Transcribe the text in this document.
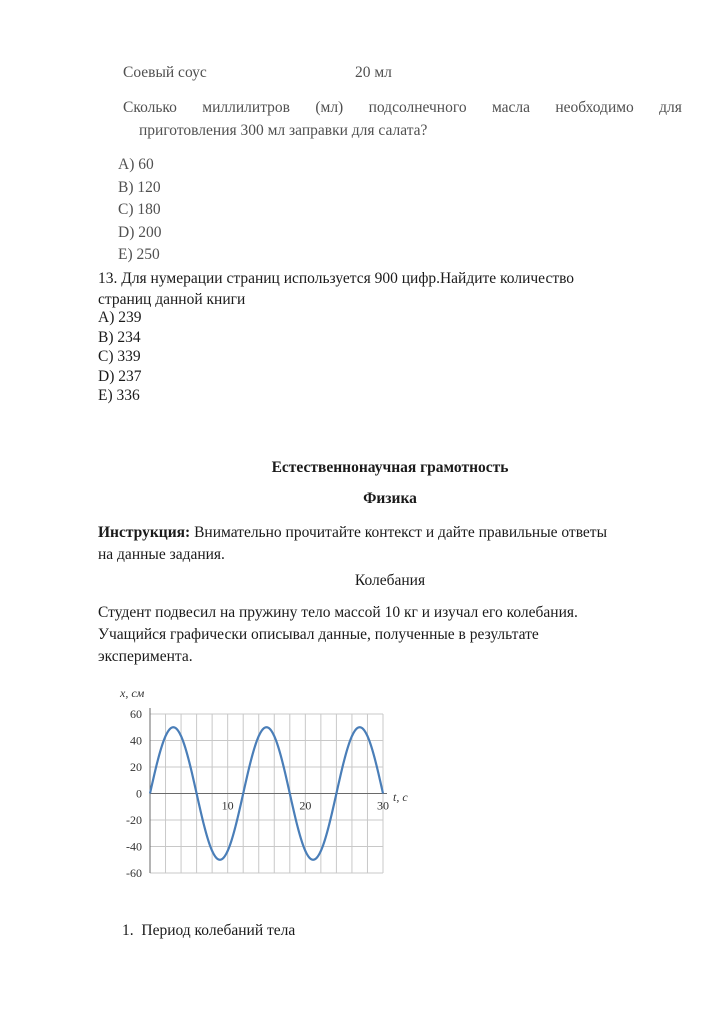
Соевый соус	20 мл
Сколько миллилитров (мл) подсолнечного масла необходимо для
приготовления 300 мл заправки для салата?
A) 60
B) 120
C) 180
D) 200
E) 250
13. Для нумерации страниц используется 900 цифр.Найдите количество
страниц данной книги
A) 239
B) 234
C) 339
D) 237
E) 336
Естественнонаучная грамотность
Физика
Инструкция: Внимательно прочитайте контекст и дайте правильные ответы
на данные задания.
Колебания
Студент подвесил на пружину тело массой 10 кг и изучал его колебания.
Учащийся графически описывал данные, полученные в результате
эксперимента.
60
40
20
0
-20
-40
-60
10	20	30
x, см
t, c
1. Период колебаний тела
